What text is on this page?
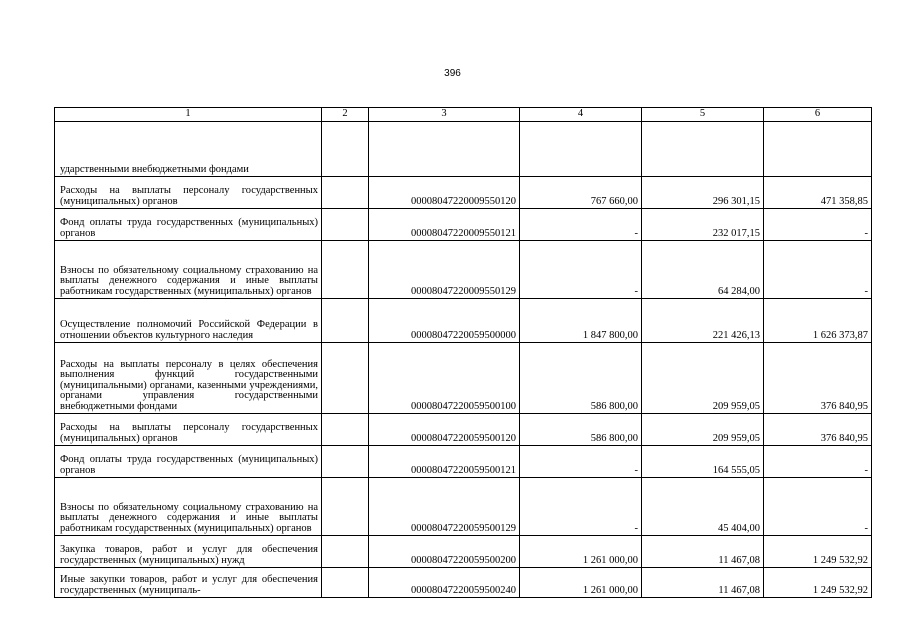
396
1	2	3	4	5	6
ударственными внебюджетными фондами					
Расходы на выплаты персоналу государственных (муниципальных) органов		00008047220009550120	767 660,00	296 301,15	471 358,85
Фонд оплаты труда государственных (муниципальных) органов		00008047220009550121	-	232 017,15	-
Взносы по обязательному социальному страхованию на выплаты денежного содержания и иные выплаты работникам государственных (муниципальных) органов		00008047220009550129	-	64 284,00	-
Осуществление полномочий Российской Федерации в отношении объектов культурного наследия		00008047220059500000	1 847 800,00	221 426,13	1 626 373,87
Расходы на выплаты персоналу в целях обеспечения выполнения функций государственными (муниципальными) органами, казенными учреждениями, органами управления государственными внебюджетными фондами		00008047220059500100	586 800,00	209 959,05	376 840,95
Расходы на выплаты персоналу государственных (муниципальных) органов		00008047220059500120	586 800,00	209 959,05	376 840,95
Фонд оплаты труда государственных (муниципальных) органов		00008047220059500121	-	164 555,05	-
Взносы по обязательному социальному страхованию на выплаты денежного содержания и иные выплаты работникам государственных (муниципальных) органов		00008047220059500129	-	45 404,00	-
Закупка товаров, работ и услуг для обеспечения государственных (муниципальных) нужд		00008047220059500200	1 261 000,00	11 467,08	1 249 532,92
Иные закупки товаров, работ и услуг для обеспечения государственных (муниципаль-		00008047220059500240	1 261 000,00	11 467,08	1 249 532,92
